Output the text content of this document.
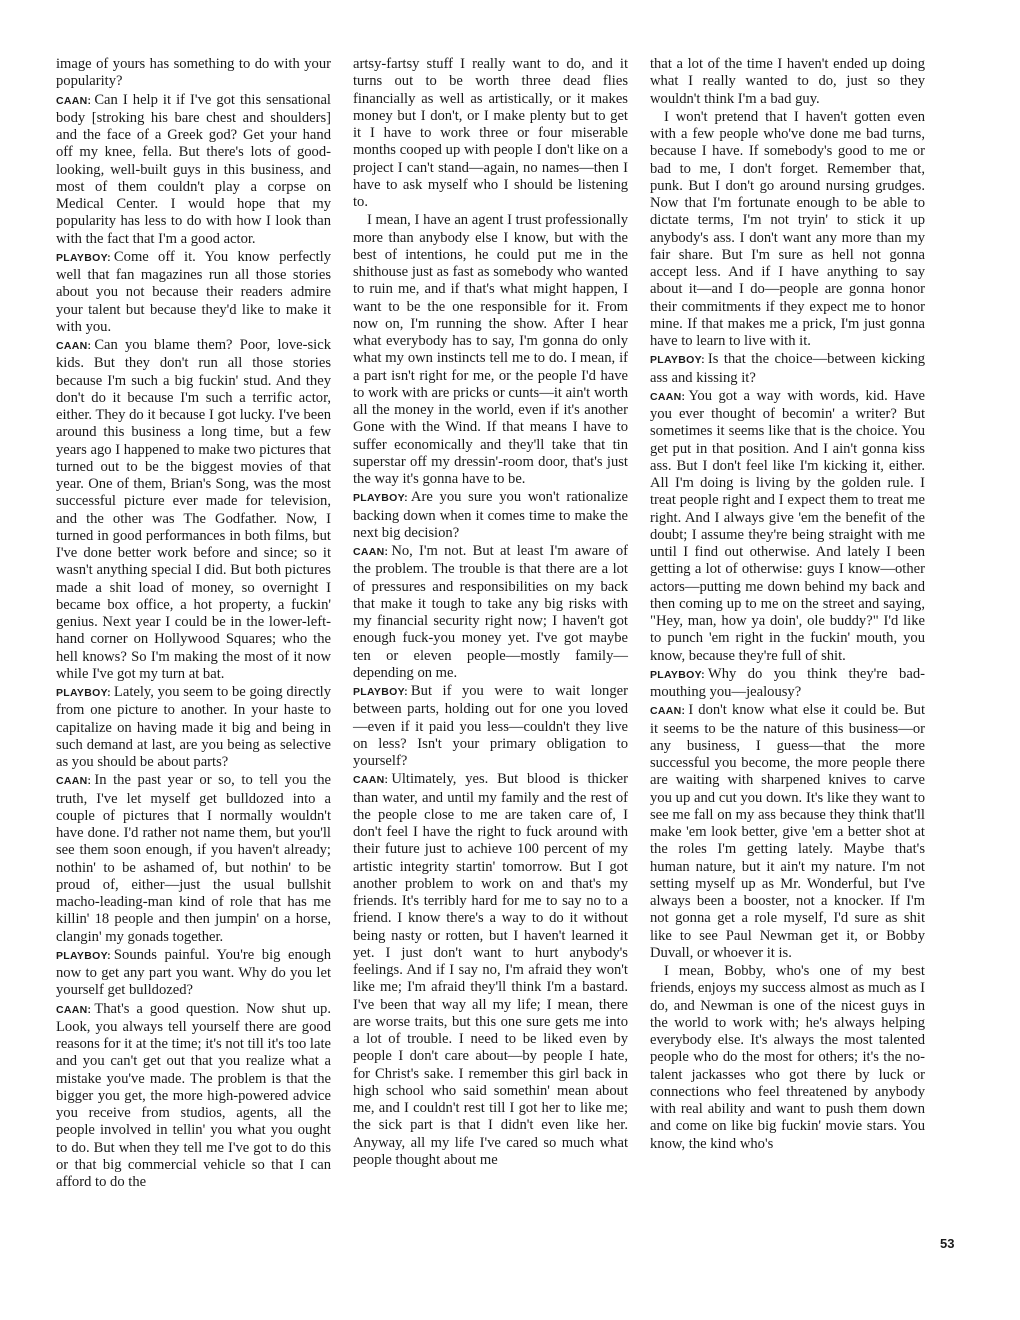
image of yours has something to do with your popularity?

CAAN: Can I help it if I've got this sensational body [stroking his bare chest and shoulders] and the face of a Greek god? Get your hand off my knee, fella. But there's lots of good-looking, well-built guys in this business, and most of them couldn't play a corpse on Medical Center. I would hope that my popularity has less to do with how I look than with the fact that I'm a good actor.

PLAYBOY: Come off it. You know perfectly well that fan magazines run all those stories about you not because their readers admire your talent but because they'd like to make it with you.

CAAN: Can you blame them? Poor, love-sick kids. But they don't run all those stories because I'm such a big fuckin' stud. And they don't do it because I'm such a terrific actor, either. They do it because I got lucky. I've been around this business a long time, but a few years ago I happened to make two pictures that turned out to be the biggest movies of that year. One of them, Brian's Song, was the most successful picture ever made for television, and the other was The Godfather. Now, I turned in good performances in both films, but I've done better work before and since; so it wasn't anything special I did. But both pictures made a shit load of money, so overnight I became box office, a hot property, a fuckin' genius. Next year I could be in the lower-left-hand corner on Hollywood Squares; who the hell knows? So I'm making the most of it now while I've got my turn at bat.

PLAYBOY: Lately, you seem to be going directly from one picture to another. In your haste to capitalize on having made it big and being in such demand at last, are you being as selective as you should be about parts?

CAAN: In the past year or so, to tell you the truth, I've let myself get bulldozed into a couple of pictures that I normally wouldn't have done. I'd rather not name them, but you'll see them soon enough, if you haven't already; nothin' to be ashamed of, but nothin' to be proud of, either—just the usual bullshit macho-leading-man kind of role that has me killin' 18 people and then jumpin' on a horse, clangin' my gonads together.

PLAYBOY: Sounds painful. You're big enough now to get any part you want. Why do you let yourself get bulldozed?

CAAN: That's a good question. Now shut up. Look, you always tell yourself there are good reasons for it at the time; it's not till it's too late and you can't get out that you realize what a mistake you've made. The problem is that the bigger you get, the more high-powered advice you receive from studios, agents, all the people involved in tellin' you what you ought to do. But when they tell me I've got to do this or that big commercial vehicle so that I can afford to do the

artsy-fartsy stuff I really want to do, and it turns out to be worth three dead flies financially as well as artistically, or it makes money but I don't, or I make plenty but to get it I have to work three or four miserable months cooped up with people I don't like on a project I can't stand—again, no names—then I have to ask myself who I should be listening to.

I mean, I have an agent I trust professionally more than anybody else I know, but with the best of intentions, he could put me in the shithouse just as fast as somebody who wanted to ruin me, and if that's what might happen, I want to be the one responsible for it. From now on, I'm running the show. After I hear what everybody has to say, I'm gonna do only what my own instincts tell me to do. I mean, if a part isn't right for me, or the people I'd have to work with are pricks or cunts—it ain't worth all the money in the world, even if it's another Gone with the Wind. If that means I have to suffer economically and they'll take that tin superstar off my dressin'-room door, that's just the way it's gonna have to be.

PLAYBOY: Are you sure you won't rationalize backing down when it comes time to make the next big decision?

CAAN: No, I'm not. But at least I'm aware of the problem. The trouble is that there are a lot of pressures and responsibilities on my back that make it tough to take any big risks with my financial security right now; I haven't got enough fuck-you money yet. I've got maybe ten or eleven people—mostly family—depending on me.

PLAYBOY: But if you were to wait longer between parts, holding out for one you loved—even if it paid you less—couldn't they live on less? Isn't your primary obligation to yourself?

CAAN: Ultimately, yes. But blood is thicker than water, and until my family and the rest of the people close to me are taken care of, I don't feel I have the right to fuck around with their future just to achieve 100 percent of my artistic integrity startin' tomorrow. But I got another problem to work on and that's my friends. It's terribly hard for me to say no to a friend. I know there's a way to do it without being nasty or rotten, but I haven't learned it yet. I just don't want to hurt anybody's feelings. And if I say no, I'm afraid they won't like me; I'm afraid they'll think I'm a bastard. I've been that way all my life; I mean, there are worse traits, but this one sure gets me into a lot of trouble. I need to be liked even by people I don't care about—by people I hate, for Christ's sake. I remember this girl back in high school who said somethin' mean about me, and I couldn't rest till I got her to like me; the sick part is that I didn't even like her. Anyway, all my life I've cared so much what people thought about me

that a lot of the time I haven't ended up doing what I really wanted to do, just so they wouldn't think I'm a bad guy.

I won't pretend that I haven't gotten even with a few people who've done me bad turns, because I have. If somebody's good to me or bad to me, I don't forget. Remember that, punk. But I don't go around nursing grudges. Now that I'm fortunate enough to be able to dictate terms, I'm not tryin' to stick it up anybody's ass. I don't want any more than my fair share. But I'm sure as hell not gonna accept less. And if I have anything to say about it—and I do—people are gonna honor their commitments if they expect me to honor mine. If that makes me a prick, I'm just gonna have to learn to live with it.

PLAYBOY: Is that the choice—between kicking ass and kissing it?

CAAN: You got a way with words, kid. Have you ever thought of becomin' a writer? But sometimes it seems like that is the choice. You get put in that position. And I ain't gonna kiss ass. But I don't feel like I'm kicking it, either. All I'm doing is living by the golden rule. I treat people right and I expect them to treat me right. And I always give 'em the benefit of the doubt; I assume they're being straight with me until I find out otherwise. And lately I been getting a lot of otherwise: guys I know—other actors—putting me down behind my back and then coming up to me on the street and saying, "Hey, man, how ya doin', ole buddy?" I'd like to punch 'em right in the fuckin' mouth, you know, because they're full of shit.

PLAYBOY: Why do you think they're bad-mouthing you—jealousy?

CAAN: I don't know what else it could be. But it seems to be the nature of this business—or any business, I guess—that the more successful you become, the more people there are waiting with sharpened knives to carve you up and cut you down. It's like they want to see me fall on my ass because they think that'll make 'em look better, give 'em a better shot at the roles I'm getting lately. Maybe that's human nature, but it ain't my nature. I'm not setting myself up as Mr. Wonderful, but I've always been a booster, not a knocker. If I'm not gonna get a role myself, I'd sure as shit like to see Paul Newman get it, or Bobby Duvall, or whoever it is.

I mean, Bobby, who's one of my best friends, enjoys my success almost as much as I do, and Newman is one of the nicest guys in the world to work with; he's always helping everybody else. It's always the most talented people who do the most for others; it's the no-talent jackasses who got there by luck or connections who feel threatened by anybody with real ability and want to push them down and come on like big fuckin' movie stars. You know, the kind who's

53
